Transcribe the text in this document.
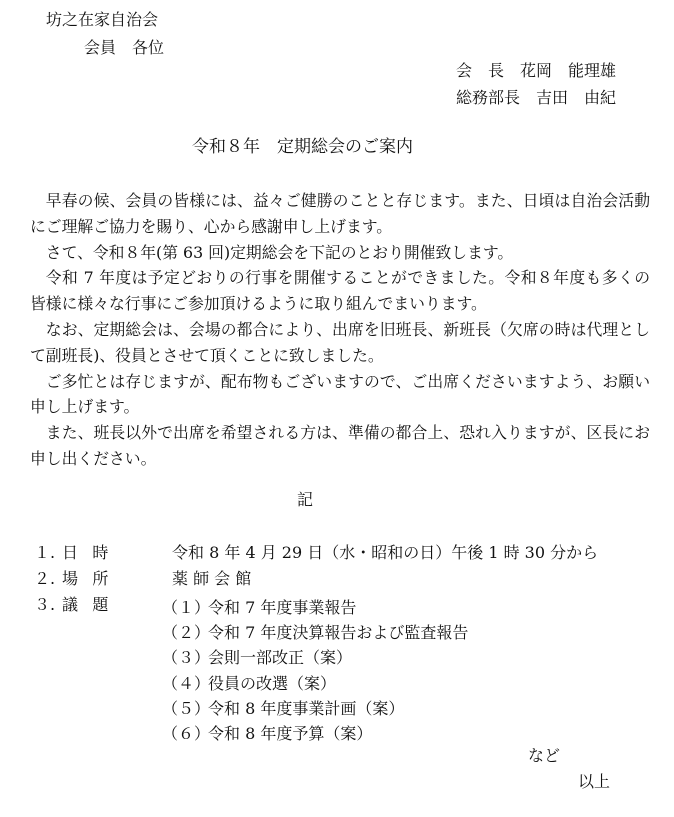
坊之在家自治会
会員　各位
会　長　花岡　能理雄
総務部長　吉田　由紀
令和８年　定期総会のご案内

早春の候、会員の皆様には、益々ご健勝のことと存じます。また、日頃は自治会活動にご理解ご協力を賜り、心から感謝申し上げます。

さて、令和８年(第 63 回)定期総会を下記のとおり開催致します。

令和 7 年度は予定どおりの行事を開催することができました。令和８年度も多くの皆様に様々な行事にご参加頂けるように取り組んでまいります。

なお、定期総会は、会場の都合により、出席を旧班長、新班長（欠席の時は代理として副班長)、役員とさせて頂くことに致しました。

ご多忙とは存じますが、配布物もございますので、ご出席くださいますよう、お願い申し上げます。

また、班長以外で出席を希望される方は、準備の都合上、恐れ入りますが、区長にお申し出ください。

記
１. 日時	令和 8 年 4 月 29 日（水・昭和の日）午後 1 時 30 分から
２. 場所	薬 師 会 館
３. 議題 （１）令和 7 年度事業報告
（２）令和 7 年度決算報告および監査報告
（３）会則一部改正（案）
（４）役員の改選（案）
（５）令和 8 年度事業計画（案）
（６）令和 8 年度予算（案）
など
以上
